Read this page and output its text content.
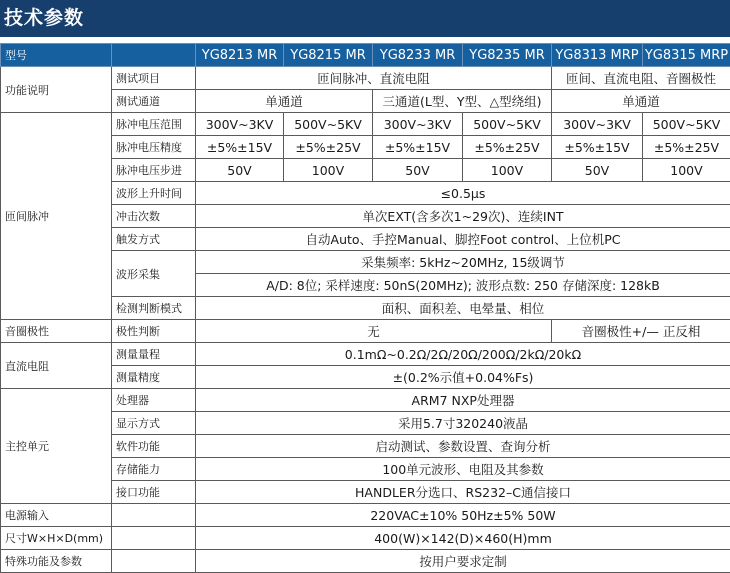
技术参数
型号		YG8213 MR	YG8215 MR	YG8233 MR	YG8235 MR	YG8313 MRP	YG8315 MRP
功能说明	测试项目	匝间脉冲、直流电阻				匝间、直流电阻、音圈极性	
	测试通道	单通道		三通道(L型、Y型、△型绕组)		单通道	
匝间脉冲	脉冲电压范围	300V~3KV	500V~5KV	300V~3KV	500V~5KV	300V~3KV	500V~5KV
	脉冲电压精度	±5%±15V	±5%±25V	±5%±15V	±5%±25V	±5%±15V	±5%±25V
	脉冲电压步进	50V	100V	50V	100V	50V	100V
	波形上升时间	≤0.5μs					
	冲击次数	单次EXT(含多次1~29次)、连续INT					
	触发方式	自动Auto、手控Manual、脚控Foot control、上位机PC					
	波形采集	采集频率: 5kHz~20MHz, 15级调节					
		A/D: 8位; 采样速度: 50nS(20MHz); 波形点数: 250 存储深度: 128kB					
	检测判断模式	面积、面积差、电晕量、相位					
音圈极性	极性判断	无				音圈极性+/— 正反相	
直流电阻	测量量程	0.1mΩ~0.2Ω/2Ω/20Ω/200Ω/2kΩ/20kΩ					
	测量精度	±(0.2%示值+0.04%Fs)					
主控单元	处理器	ARM7 NXP处理器					
	显示方式	采用5.7寸320240液晶					
	软件功能	启动测试、参数设置、查询分析					
	存储能力	100单元波形、电阻及其参数					
	接口功能	HANDLER分选口、RS232–C通信接口					
电源输入		220VAC±10% 50Hz±5% 50W					
尺寸W×H×D(mm)		400(W)×142(D)×460(H)mm					
特殊功能及参数		按用户要求定制					
